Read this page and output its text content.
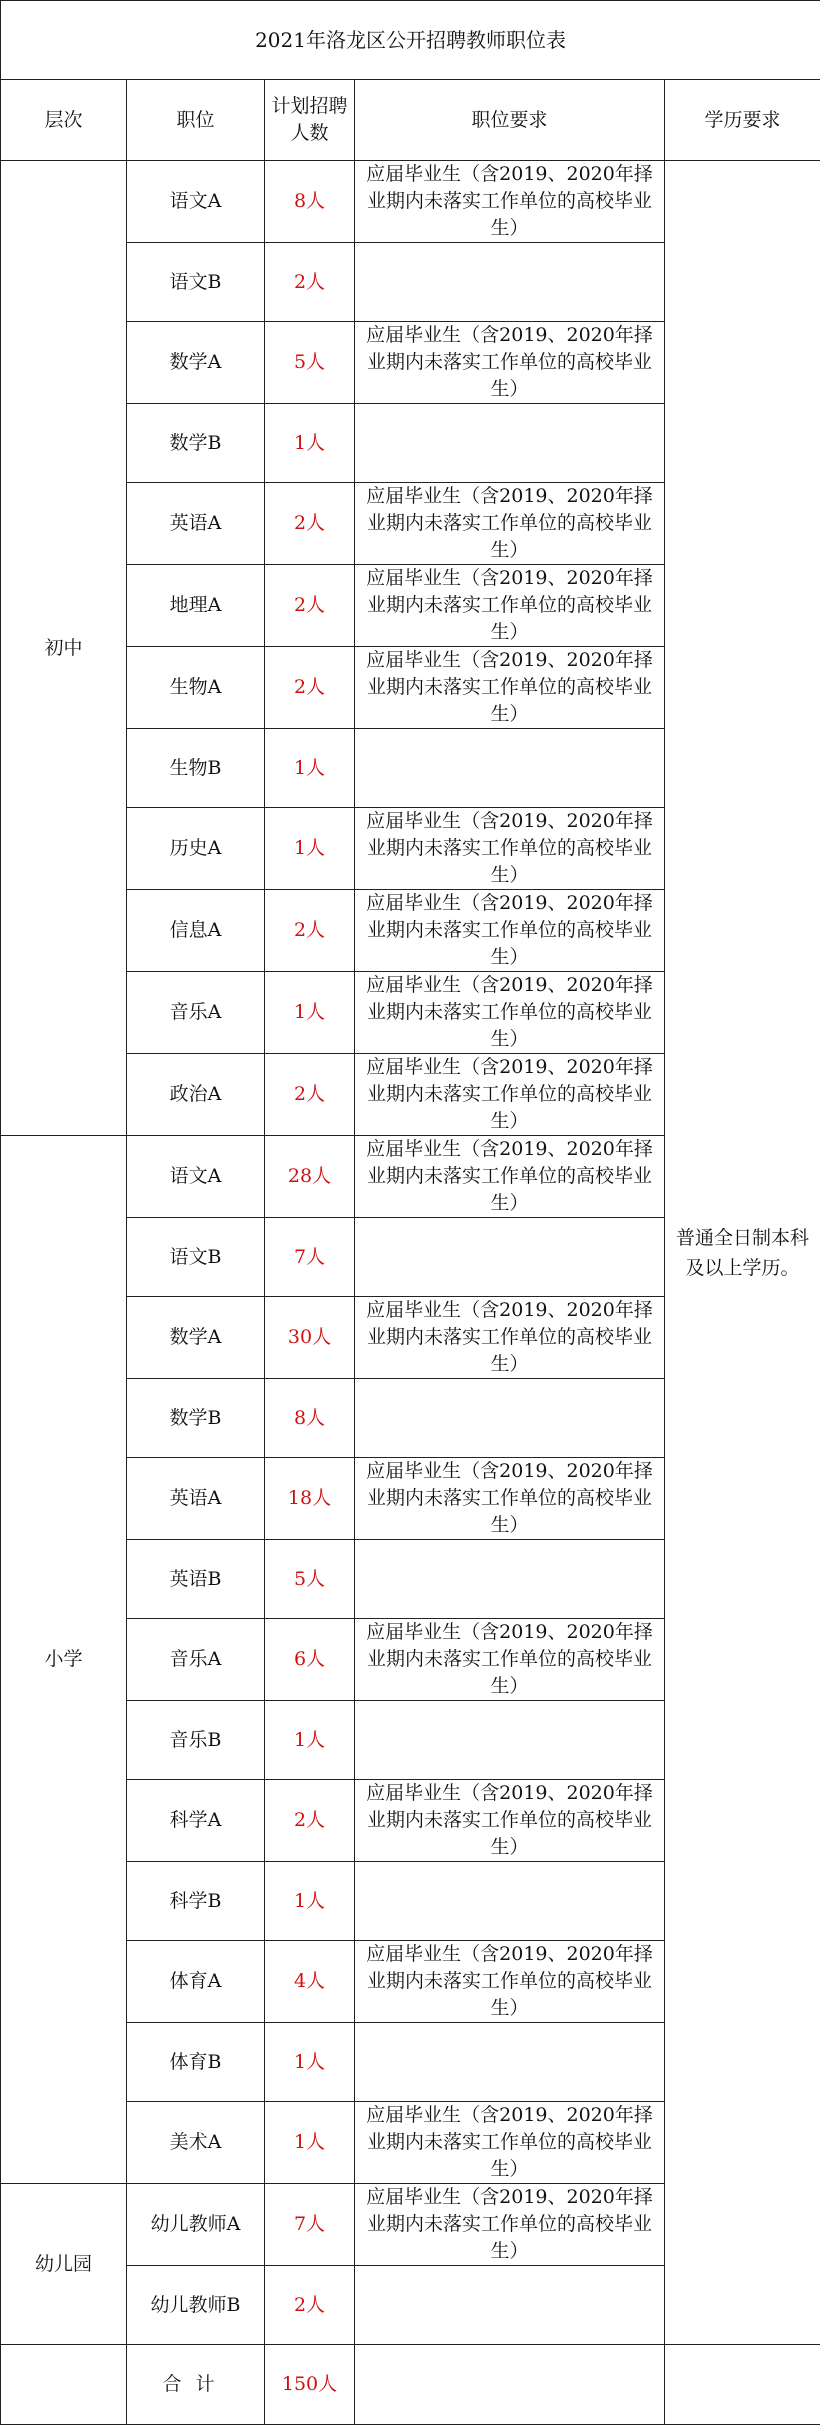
2021年洛龙区公开招聘教师职位表				
层次	职位	计划招聘人数	职位要求	学历要求
初中	语文A	8人	应届毕业生（含2019、2020年择业期内未落实工作单位的高校毕业生）	普通全日制本科及以上学历。
	语文B	2人		
	数学A	5人	应届毕业生（含2019、2020年择业期内未落实工作单位的高校毕业生）	
	数学B	1人		
	英语A	2人	应届毕业生（含2019、2020年择业期内未落实工作单位的高校毕业生）	
	地理A	2人	应届毕业生（含2019、2020年择业期内未落实工作单位的高校毕业生）	
	生物A	2人	应届毕业生（含2019、2020年择业期内未落实工作单位的高校毕业生）	
	生物B	1人		
	历史A	1人	应届毕业生（含2019、2020年择业期内未落实工作单位的高校毕业生）	
	信息A	2人	应届毕业生（含2019、2020年择业期内未落实工作单位的高校毕业生）	
	音乐A	1人	应届毕业生（含2019、2020年择业期内未落实工作单位的高校毕业生）	
	政治A	2人	应届毕业生（含2019、2020年择业期内未落实工作单位的高校毕业生）	
小学	语文A	28人	应届毕业生（含2019、2020年择业期内未落实工作单位的高校毕业生）	
	语文B	7人		
	数学A	30人	应届毕业生（含2019、2020年择业期内未落实工作单位的高校毕业生）	
	数学B	8人		
	英语A	18人	应届毕业生（含2019、2020年择业期内未落实工作单位的高校毕业生）	
	英语B	5人		
	音乐A	6人	应届毕业生（含2019、2020年择业期内未落实工作单位的高校毕业生）	
	音乐B	1人		
	科学A	2人	应届毕业生（含2019、2020年择业期内未落实工作单位的高校毕业生）	
	科学B	1人		
	体育A	4人	应届毕业生（含2019、2020年择业期内未落实工作单位的高校毕业生）	
	体育B	1人		
	美术A	1人	应届毕业生（含2019、2020年择业期内未落实工作单位的高校毕业生）	
幼儿园	幼儿教师A	7人	应届毕业生（含2019、2020年择业期内未落实工作单位的高校毕业生）	
	幼儿教师B	2人		
	合计	150人		
